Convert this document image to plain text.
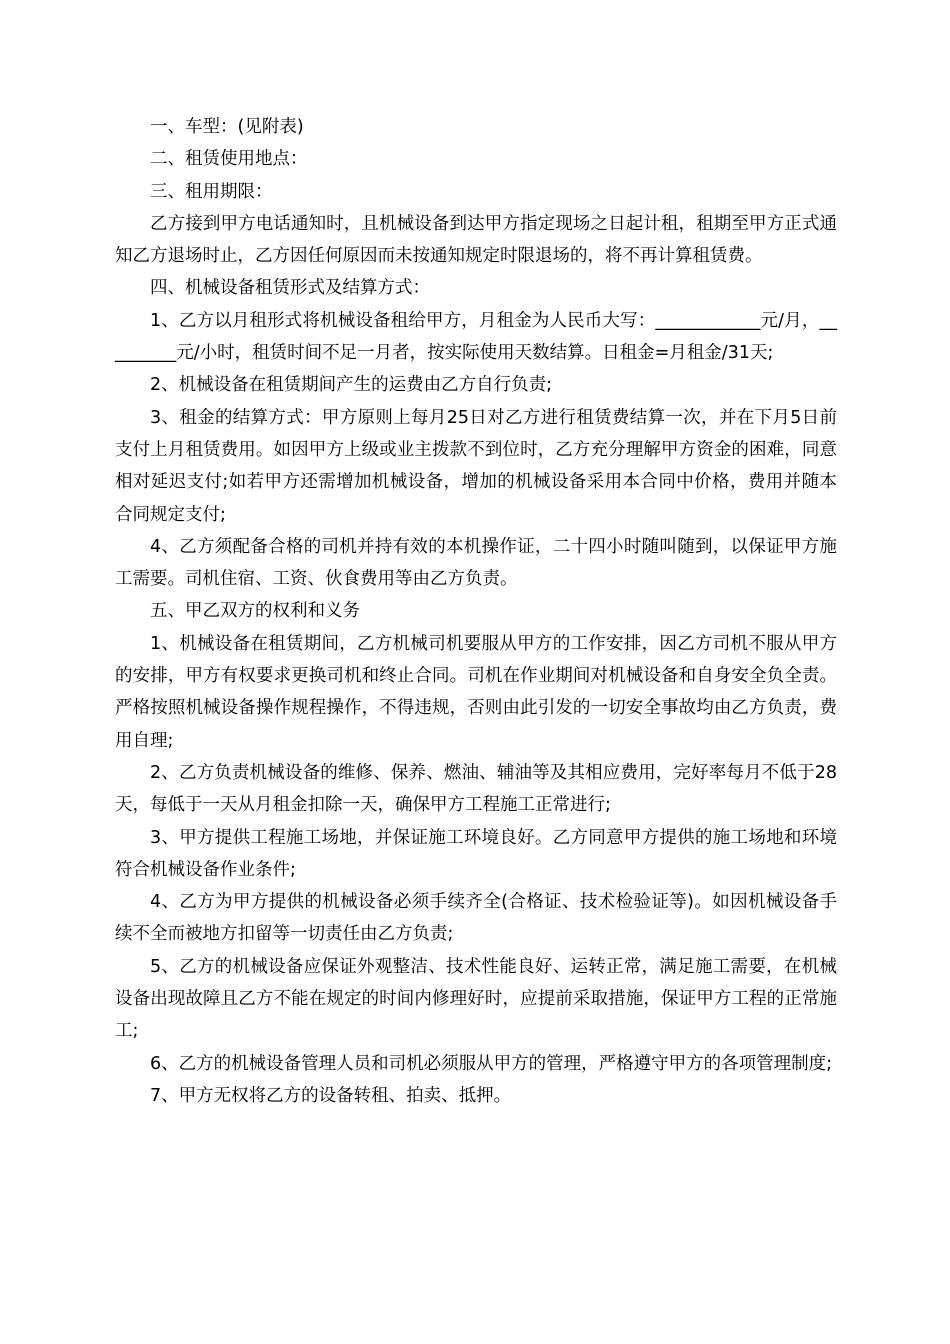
一、车型：(见附表)

二、租赁使用地点：

三、租用期限：

乙方接到甲方电话通知时，且机械设备到达甲方指定现场之日起计租，租期至甲方正式通知乙方退场时止，乙方因任何原因而未按通知规定时限退场的，将不再计算租赁费。

四、机械设备租赁形式及结算方式：

1、乙方以月租形式将机械设备租给甲方，月租金为人民币大写：____________元/月，_________元/小时，租赁时间不足一月者，按实际使用天数结算。日租金=月租金/31天;

2、机械设备在租赁期间产生的运费由乙方自行负责;

3、租金的结算方式：甲方原则上每月25日对乙方进行租赁费结算一次，并在下月5日前支付上月租赁费用。如因甲方上级或业主拨款不到位时，乙方充分理解甲方资金的困难，同意相对延迟支付;如若甲方还需增加机械设备，增加的机械设备采用本合同中价格，费用并随本合同规定支付;

4、乙方须配备合格的司机并持有效的本机操作证，二十四小时随叫随到，以保证甲方施工需要。司机住宿、工资、伙食费用等由乙方负责。

五、甲乙双方的权利和义务

1、机械设备在租赁期间，乙方机械司机要服从甲方的工作安排，因乙方司机不服从甲方的安排，甲方有权要求更换司机和终止合同。司机在作业期间对机械设备和自身安全负全责。严格按照机械设备操作规程操作，不得违规，否则由此引发的一切安全事故均由乙方负责，费用自理;

2、乙方负责机械设备的维修、保养、燃油、辅油等及其相应费用，完好率每月不低于28天，每低于一天从月租金扣除一天，确保甲方工程施工正常进行;

3、甲方提供工程施工场地，并保证施工环境良好。乙方同意甲方提供的施工场地和环境符合机械设备作业条件;

4、乙方为甲方提供的机械设备必须手续齐全(合格证、技术检验证等)。如因机械设备手续不全而被地方扣留等一切责任由乙方负责;

5、乙方的机械设备应保证外观整洁、技术性能良好、运转正常，满足施工需要，在机械设备出现故障且乙方不能在规定的时间内修理好时，应提前采取措施，保证甲方工程的正常施工;

6、乙方的机械设备管理人员和司机必须服从甲方的管理，严格遵守甲方的各项管理制度;

7、甲方无权将乙方的设备转租、拍卖、抵押。
